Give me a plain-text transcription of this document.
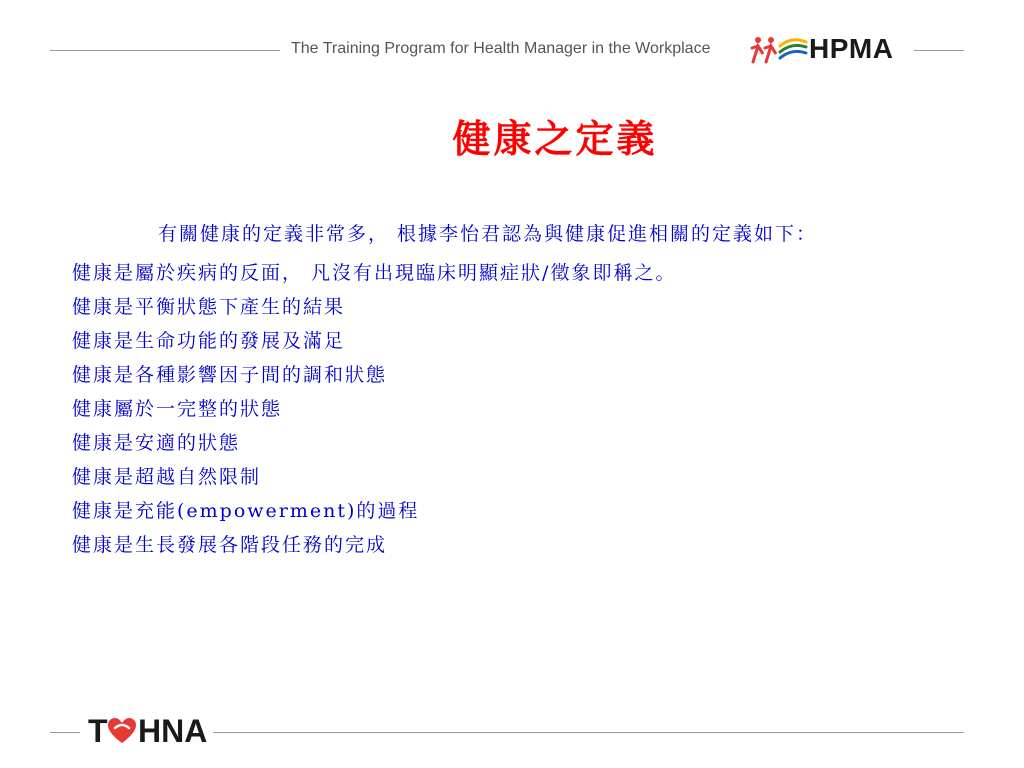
The Training Program for Health Manager in the Workplace	HPMA
健康之定義

有關健康的定義非常多， 根據李怡君認為與健康促進相關的定義如下：

健康是屬於疾病的反面， 凡沒有出現臨床明顯症狀/徵象即稱之。

健康是平衡狀態下產生的結果

健康是生命功能的發展及滿足

健康是各種影響因子間的調和狀態

健康屬於一完整的狀態

健康是安適的狀態

健康是超越自然限制

健康是充能(empowerment)的過程

健康是生長發展各階段任務的完成

T HNA
